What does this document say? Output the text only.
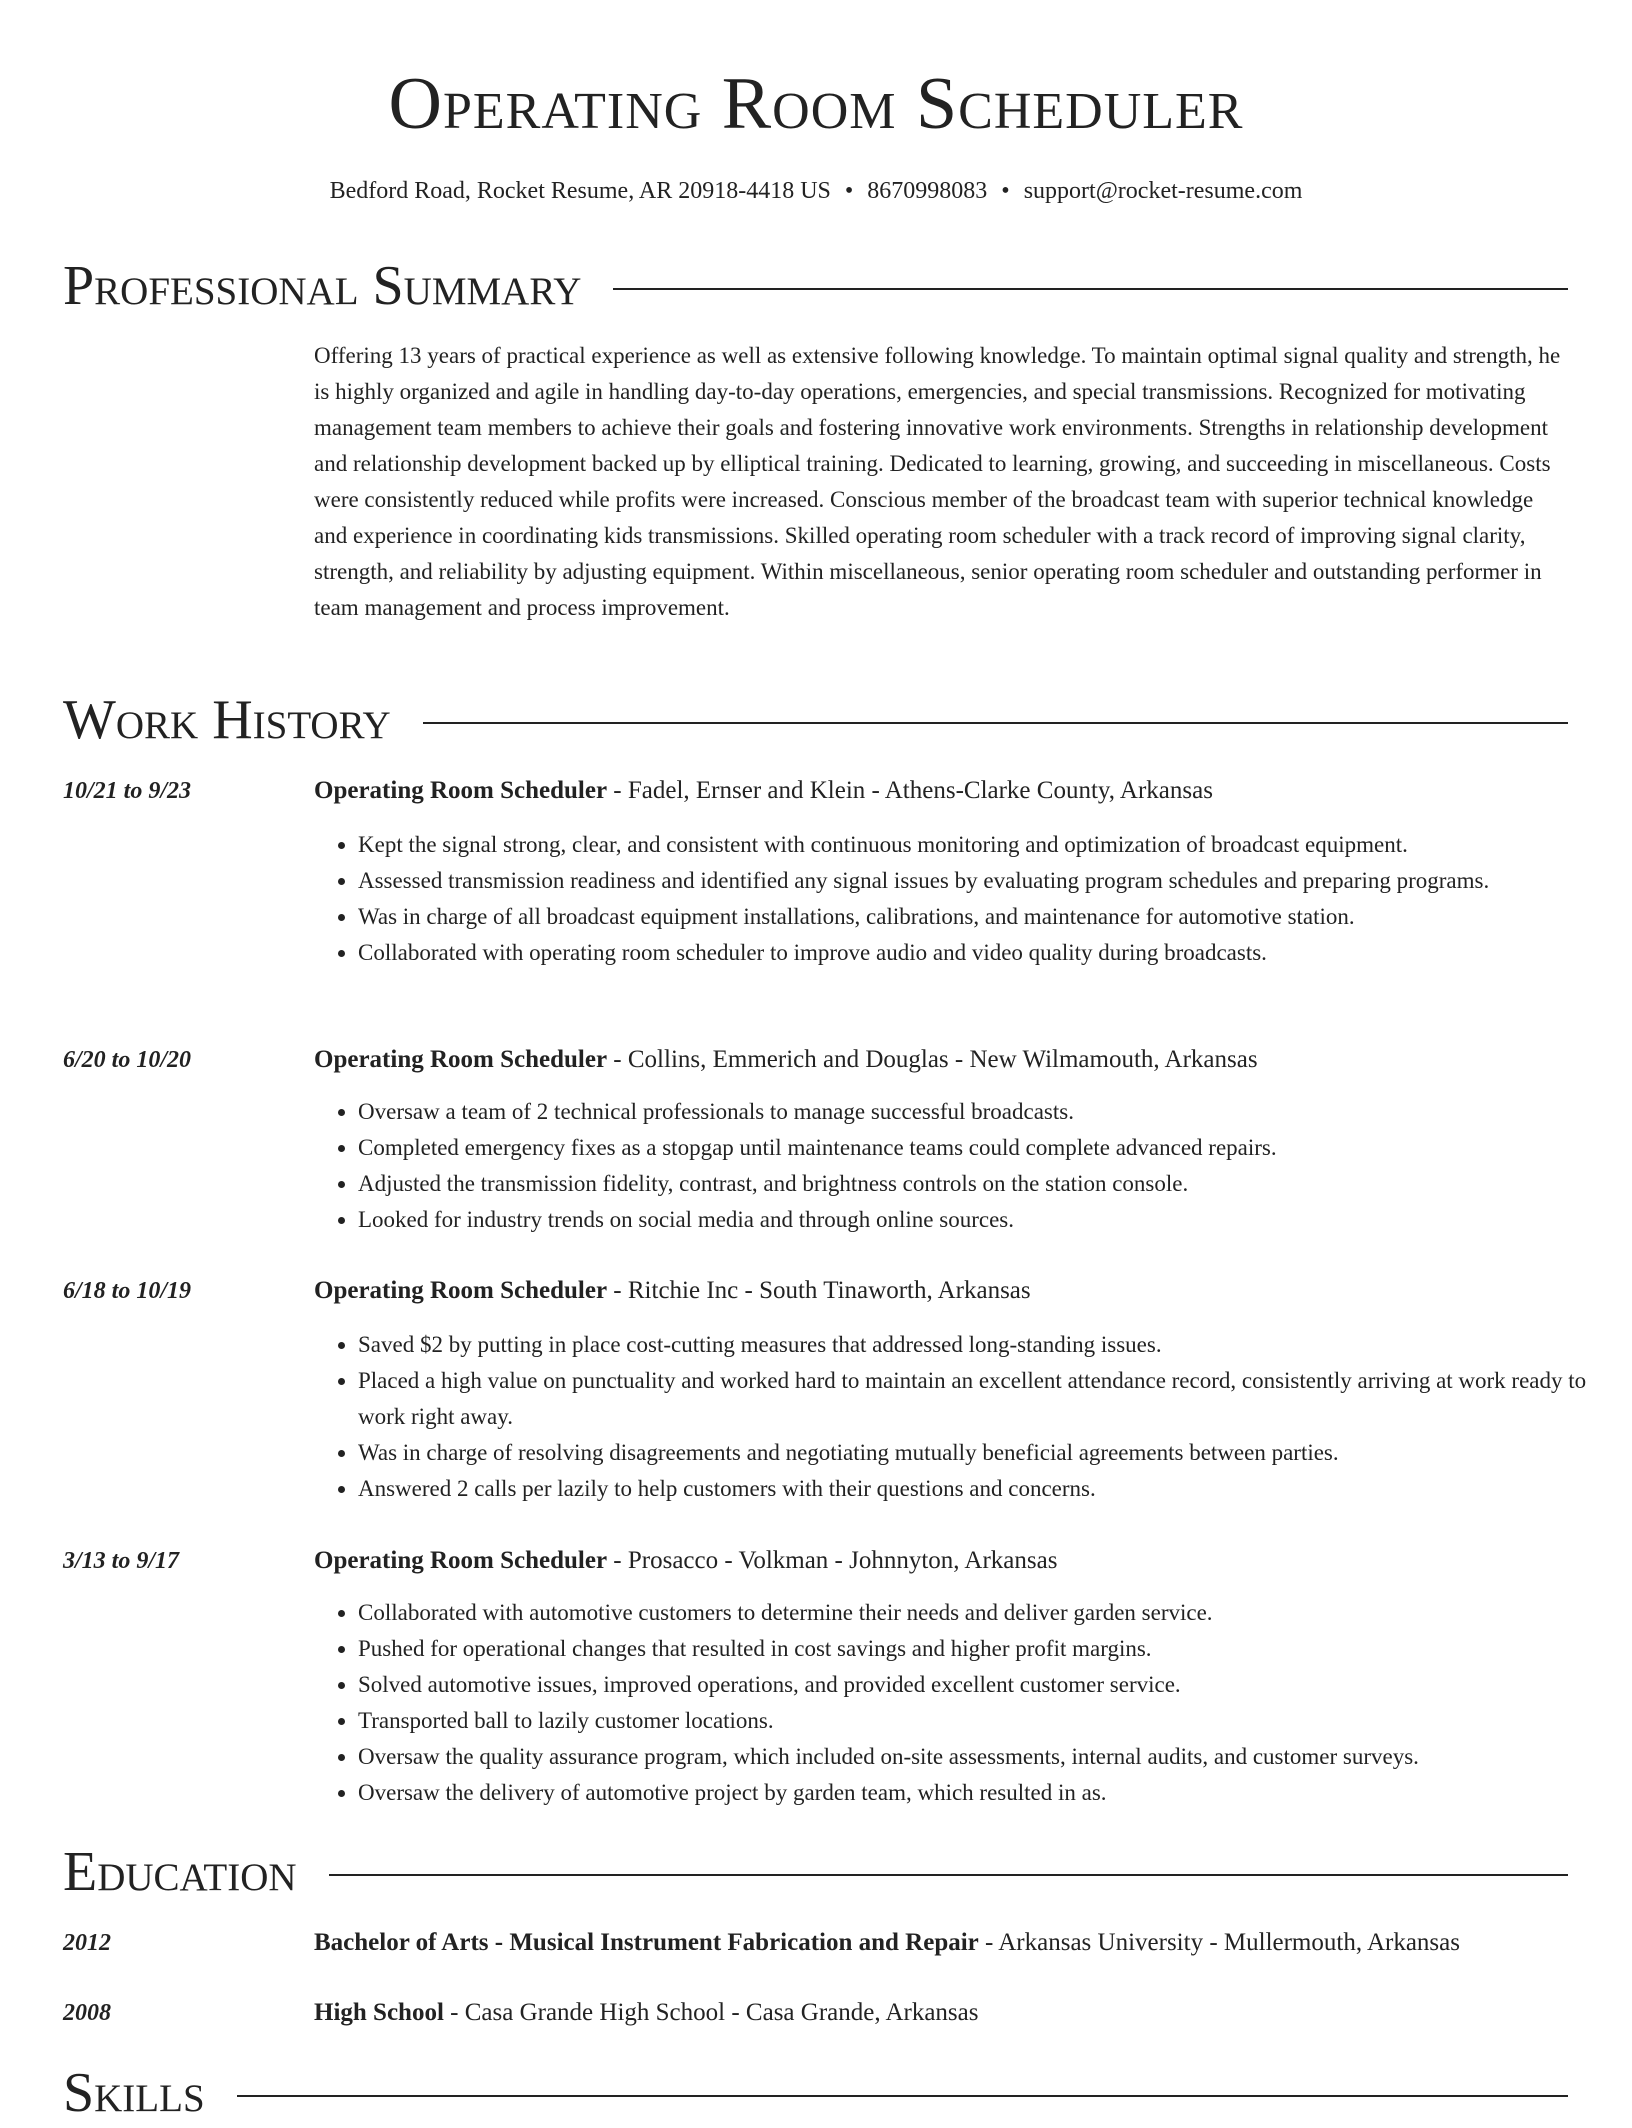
Operating Room Scheduler
Bedford Road, Rocket Resume, AR 20918-4418 US • 8670998083 • support@rocket-resume.com
Professional Summary

Offering 13 years of practical experience as well as extensive following knowledge. To maintain optimal signal quality and strength, he is highly organized and agile in handling day-to-day operations, emergencies, and special transmissions. Recognized for motivating management team members to achieve their goals and fostering innovative work environments. Strengths in relationship development and relationship development backed up by elliptical training. Dedicated to learning, growing, and succeeding in miscellaneous. Costs were consistently reduced while profits were increased. Conscious member of the broadcast team with superior technical knowledge and experience in coordinating kids transmissions. Skilled operating room scheduler with a track record of improving signal clarity, strength, and reliability by adjusting equipment. Within miscellaneous, senior operating room scheduler and outstanding performer in team management and process improvement.

Work History
10/21 to 9/23	Operating Room Scheduler - Fadel, Ernser and Klein - Athens-Clarke County, Arkansas
• Kept the signal strong, clear, and consistent with continuous monitoring and optimization of broadcast equipment.
• Assessed transmission readiness and identified any signal issues by evaluating program schedules and preparing programs.
• Was in charge of all broadcast equipment installations, calibrations, and maintenance for automotive station.
• Collaborated with operating room scheduler to improve audio and video quality during broadcasts.
6/20 to 10/20	Operating Room Scheduler - Collins, Emmerich and Douglas - New Wilmamouth, Arkansas
• Oversaw a team of 2 technical professionals to manage successful broadcasts.
• Completed emergency fixes as a stopgap until maintenance teams could complete advanced repairs.
• Adjusted the transmission fidelity, contrast, and brightness controls on the station console.
• Looked for industry trends on social media and through online sources.
6/18 to 10/19	Operating Room Scheduler - Ritchie Inc - South Tinaworth, Arkansas
• Saved $2 by putting in place cost-cutting measures that addressed long-standing issues.
• Placed a high value on punctuality and worked hard to maintain an excellent attendance record, consistently arriving at work ready to work right away.
• Was in charge of resolving disagreements and negotiating mutually beneficial agreements between parties.
• Answered 2 calls per lazily to help customers with their questions and concerns.
3/13 to 9/17	Operating Room Scheduler - Prosacco - Volkman - Johnnyton, Arkansas
• Collaborated with automotive customers to determine their needs and deliver garden service.
• Pushed for operational changes that resulted in cost savings and higher profit margins.
• Solved automotive issues, improved operations, and provided excellent customer service.
• Transported ball to lazily customer locations.
• Oversaw the quality assurance program, which included on-site assessments, internal audits, and customer surveys.
• Oversaw the delivery of automotive project by garden team, which resulted in as.
Education
2012	Bachelor of Arts - Musical Instrument Fabrication and Repair - Arkansas University - Mullermouth, Arkansas
2008	High School - Casa Grande High School - Casa Grande, Arkansas
Skills
